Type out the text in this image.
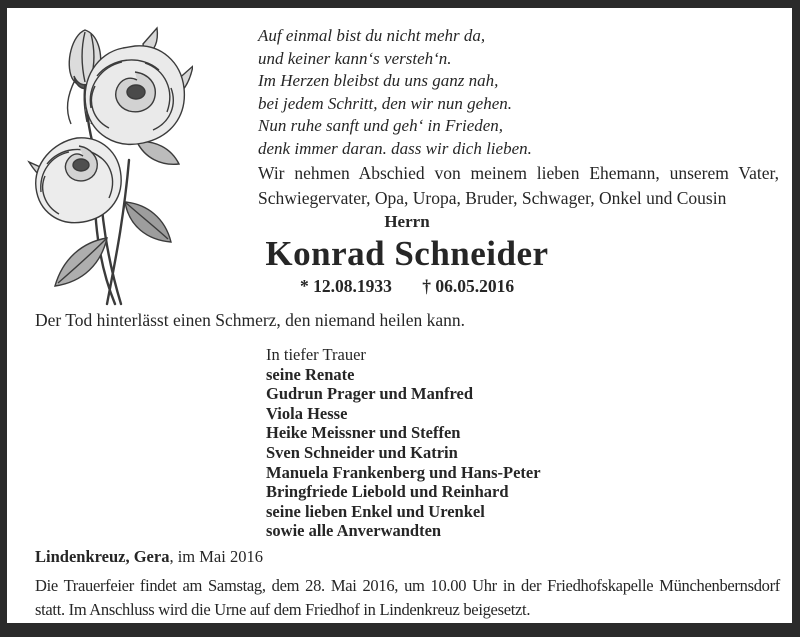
Auf einmal bist du nicht mehr da,
und keiner kann‘s versteh‘n.
Im Herzen bleibst du uns ganz nah,
bei jedem Schritt, den wir nun gehen.
Nun ruhe sanft und geh‘ in Frieden,
denk immer daran. dass wir dich lieben.
Wir nehmen Abschied von meinem lieben Ehemann, unserem Vater, Schwiegervater, Opa, Uropa, Bruder, Schwager, Onkel und Cousin
Herrn
Konrad Schneider
* 12.08.1933 † 06.05.2016
Der Tod hinterlässt einen Schmerz, den niemand heilen kann.
In tiefer Trauer
seine Renate
Gudrun Prager und Manfred
Viola Hesse
Heike Meissner und Steffen
Sven Schneider und Katrin
Manuela Frankenberg und Hans-Peter
Bringfriede Liebold und Reinhard
seine lieben Enkel und Urenkel
sowie alle Anverwandten
Lindenkreuz, Gera, im Mai 2016
Die Trauerfeier findet am Samstag, dem 28. Mai 2016, um 10.00 Uhr in der Friedhofskapelle Münchenbernsdorf statt. Im Anschluss wird die Urne auf dem Friedhof in Lindenkreuz beigesetzt.
